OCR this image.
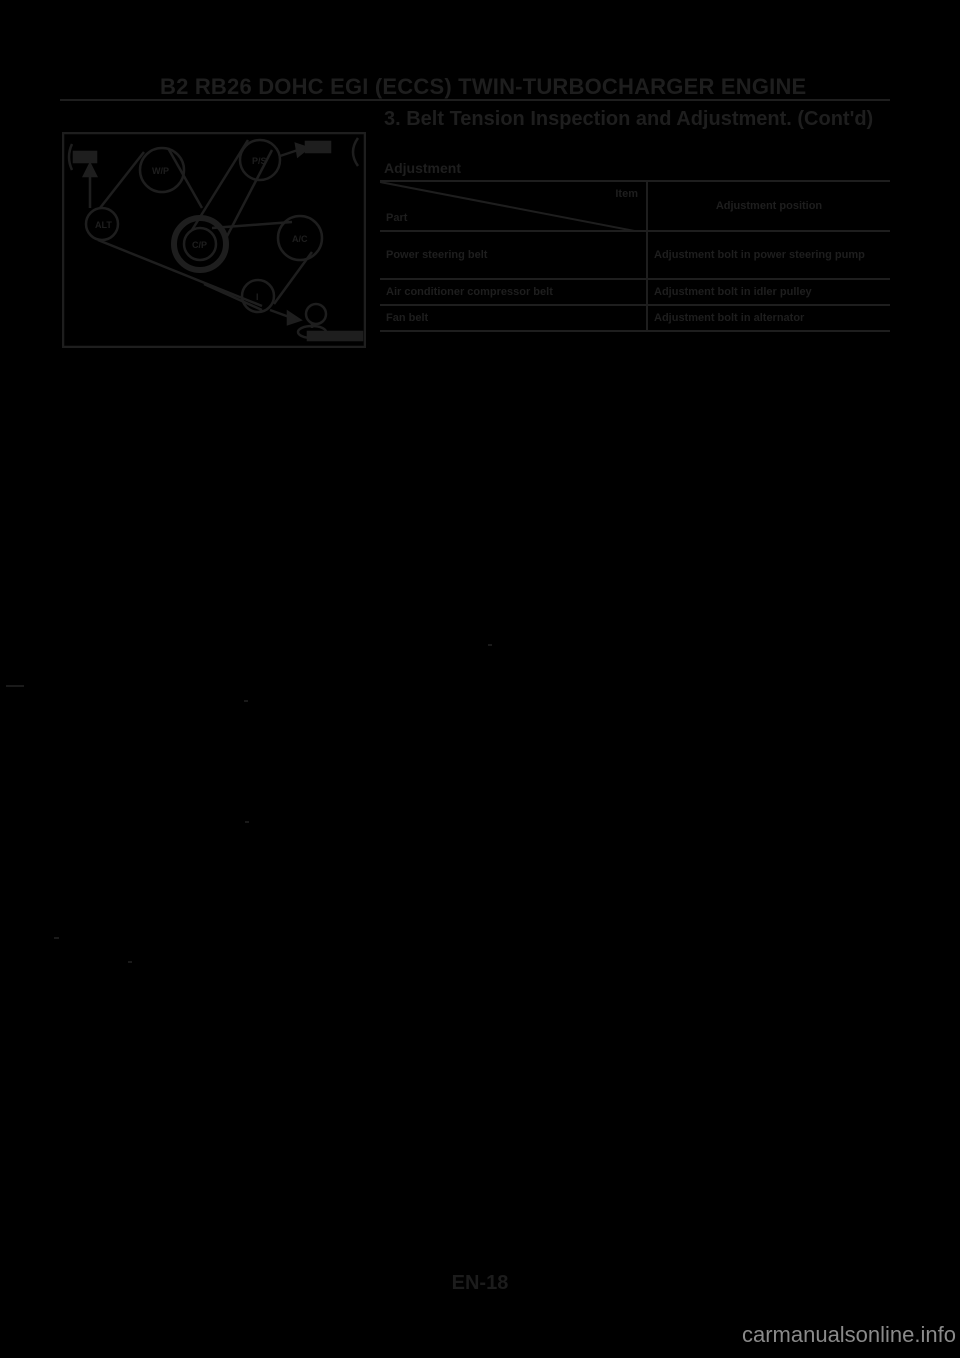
B2 RB26 DOHC EGI (ECCS) TWIN-TURBOCHARGER ENGINE
ALT
W/P
P/S
C/P
A/C
I
3. Belt Tension Inspection and Adjustment. (Cont'd)
Adjustment
Item
Part	Adjustment position
Power steering belt	Adjustment bolt in power steering pump
Air conditioner compressor belt	Adjustment bolt in idler pulley
Fan belt	Adjustment bolt in alternator
EN-18
carmanualsonline.info
